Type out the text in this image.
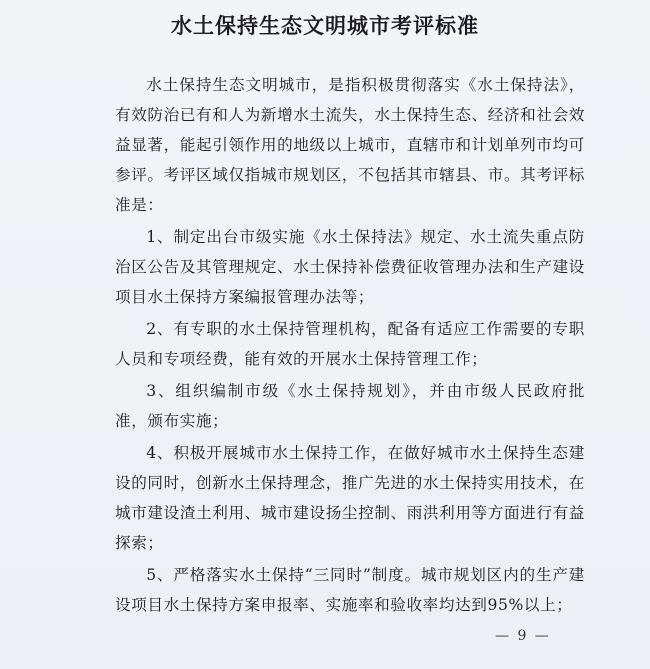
水土保持生态文明城市考评标准

水土保持生态文明城市，是指积极贯彻落实《水土保持法》，有效防治已有和人为新增水土流失，水土保持生态、经济和社会效益显著，能起引领作用的地级以上城市，直辖市和计划单列市均可参评。考评区域仅指城市规划区，不包括其市辖县、市。其考评标准是：

1、制定出台市级实施《水土保持法》规定、水土流失重点防治区公告及其管理规定、水土保持补偿费征收管理办法和生产建设项目水土保持方案编报管理办法等；

2、有专职的水土保持管理机构，配备有适应工作需要的专职人员和专项经费，能有效的开展水土保持管理工作；

3、组织编制市级《水土保持规划》，并由市级人民政府批准，颁布实施；

4、积极开展城市水土保持工作，在做好城市水土保持生态建设的同时，创新水土保持理念，推广先进的水土保持实用技术，在城市建设渣土利用、城市建设扬尘控制、雨洪利用等方面进行有益探索；

5、严格落实水土保持“三同时”制度。城市规划区内的生产建设项目水土保持方案申报率、实施率和验收率均达到95%以上；

— 9 —
